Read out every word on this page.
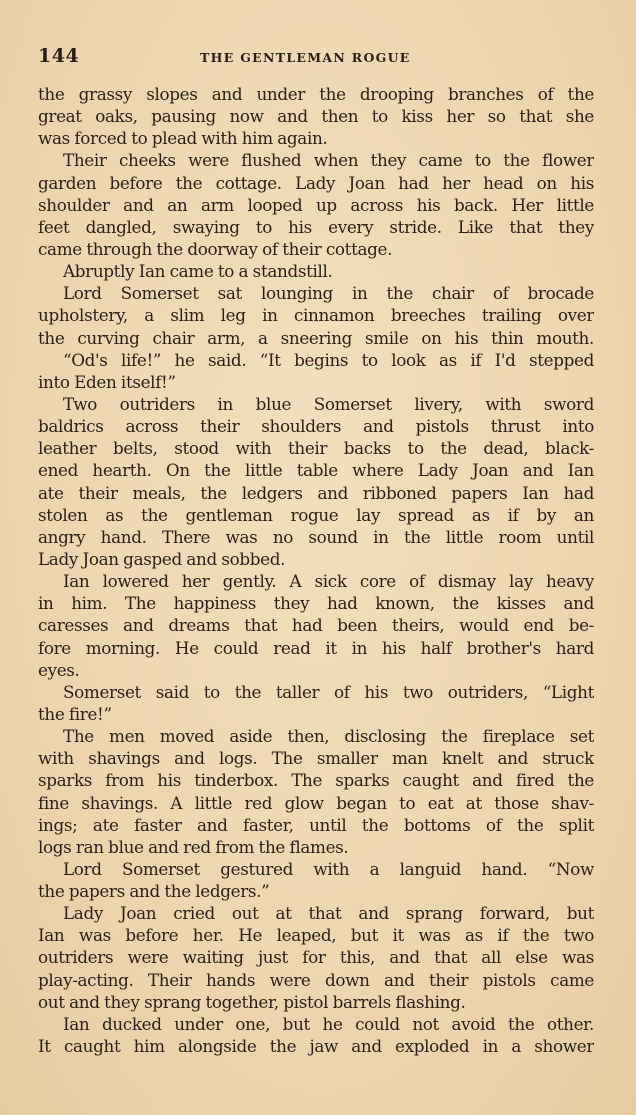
144	THE GENTLEMAN ROGUE
the grassy slopes and under the drooping branches of the
great oaks, pausing now and then to kiss her so that she
was forced to plead with him again.
Their cheeks were flushed when they came to the flower
garden before the cottage. Lady Joan had her head on his
shoulder and an arm looped up across his back. Her little
feet dangled, swaying to his every stride. Like that they
came through the doorway of their cottage.
Abruptly Ian came to a standstill.
Lord Somerset sat lounging in the chair of brocade
upholstery, a slim leg in cinnamon breeches trailing over
the curving chair arm, a sneering smile on his thin mouth.
“Od's life!” he said. “It begins to look as if I'd stepped
into Eden itself!”
Two outriders in blue Somerset livery, with sword
baldrics across their shoulders and pistols thrust into
leather belts, stood with their backs to the dead, black-
ened hearth. On the little table where Lady Joan and Ian
ate their meals, the ledgers and ribboned papers Ian had
stolen as the gentleman rogue lay spread as if by an
angry hand. There was no sound in the little room until
Lady Joan gasped and sobbed.
Ian lowered her gently. A sick core of dismay lay heavy
in him. The happiness they had known, the kisses and
caresses and dreams that had been theirs, would end be-
fore morning. He could read it in his half brother's hard
eyes.
Somerset said to the taller of his two outriders, “Light
the fire!”
The men moved aside then, disclosing the fireplace set
with shavings and logs. The smaller man knelt and struck
sparks from his tinderbox. The sparks caught and fired the
fine shavings. A little red glow began to eat at those shav-
ings; ate faster and faster, until the bottoms of the split
logs ran blue and red from the flames.
Lord Somerset gestured with a languid hand. “Now
the papers and the ledgers.”
Lady Joan cried out at that and sprang forward, but
Ian was before her. He leaped, but it was as if the two
outriders were waiting just for this, and that all else was
play-acting. Their hands were down and their pistols came
out and they sprang together, pistol barrels flashing.
Ian ducked under one, but he could not avoid the other.
It caught him alongside the jaw and exploded in a shower
